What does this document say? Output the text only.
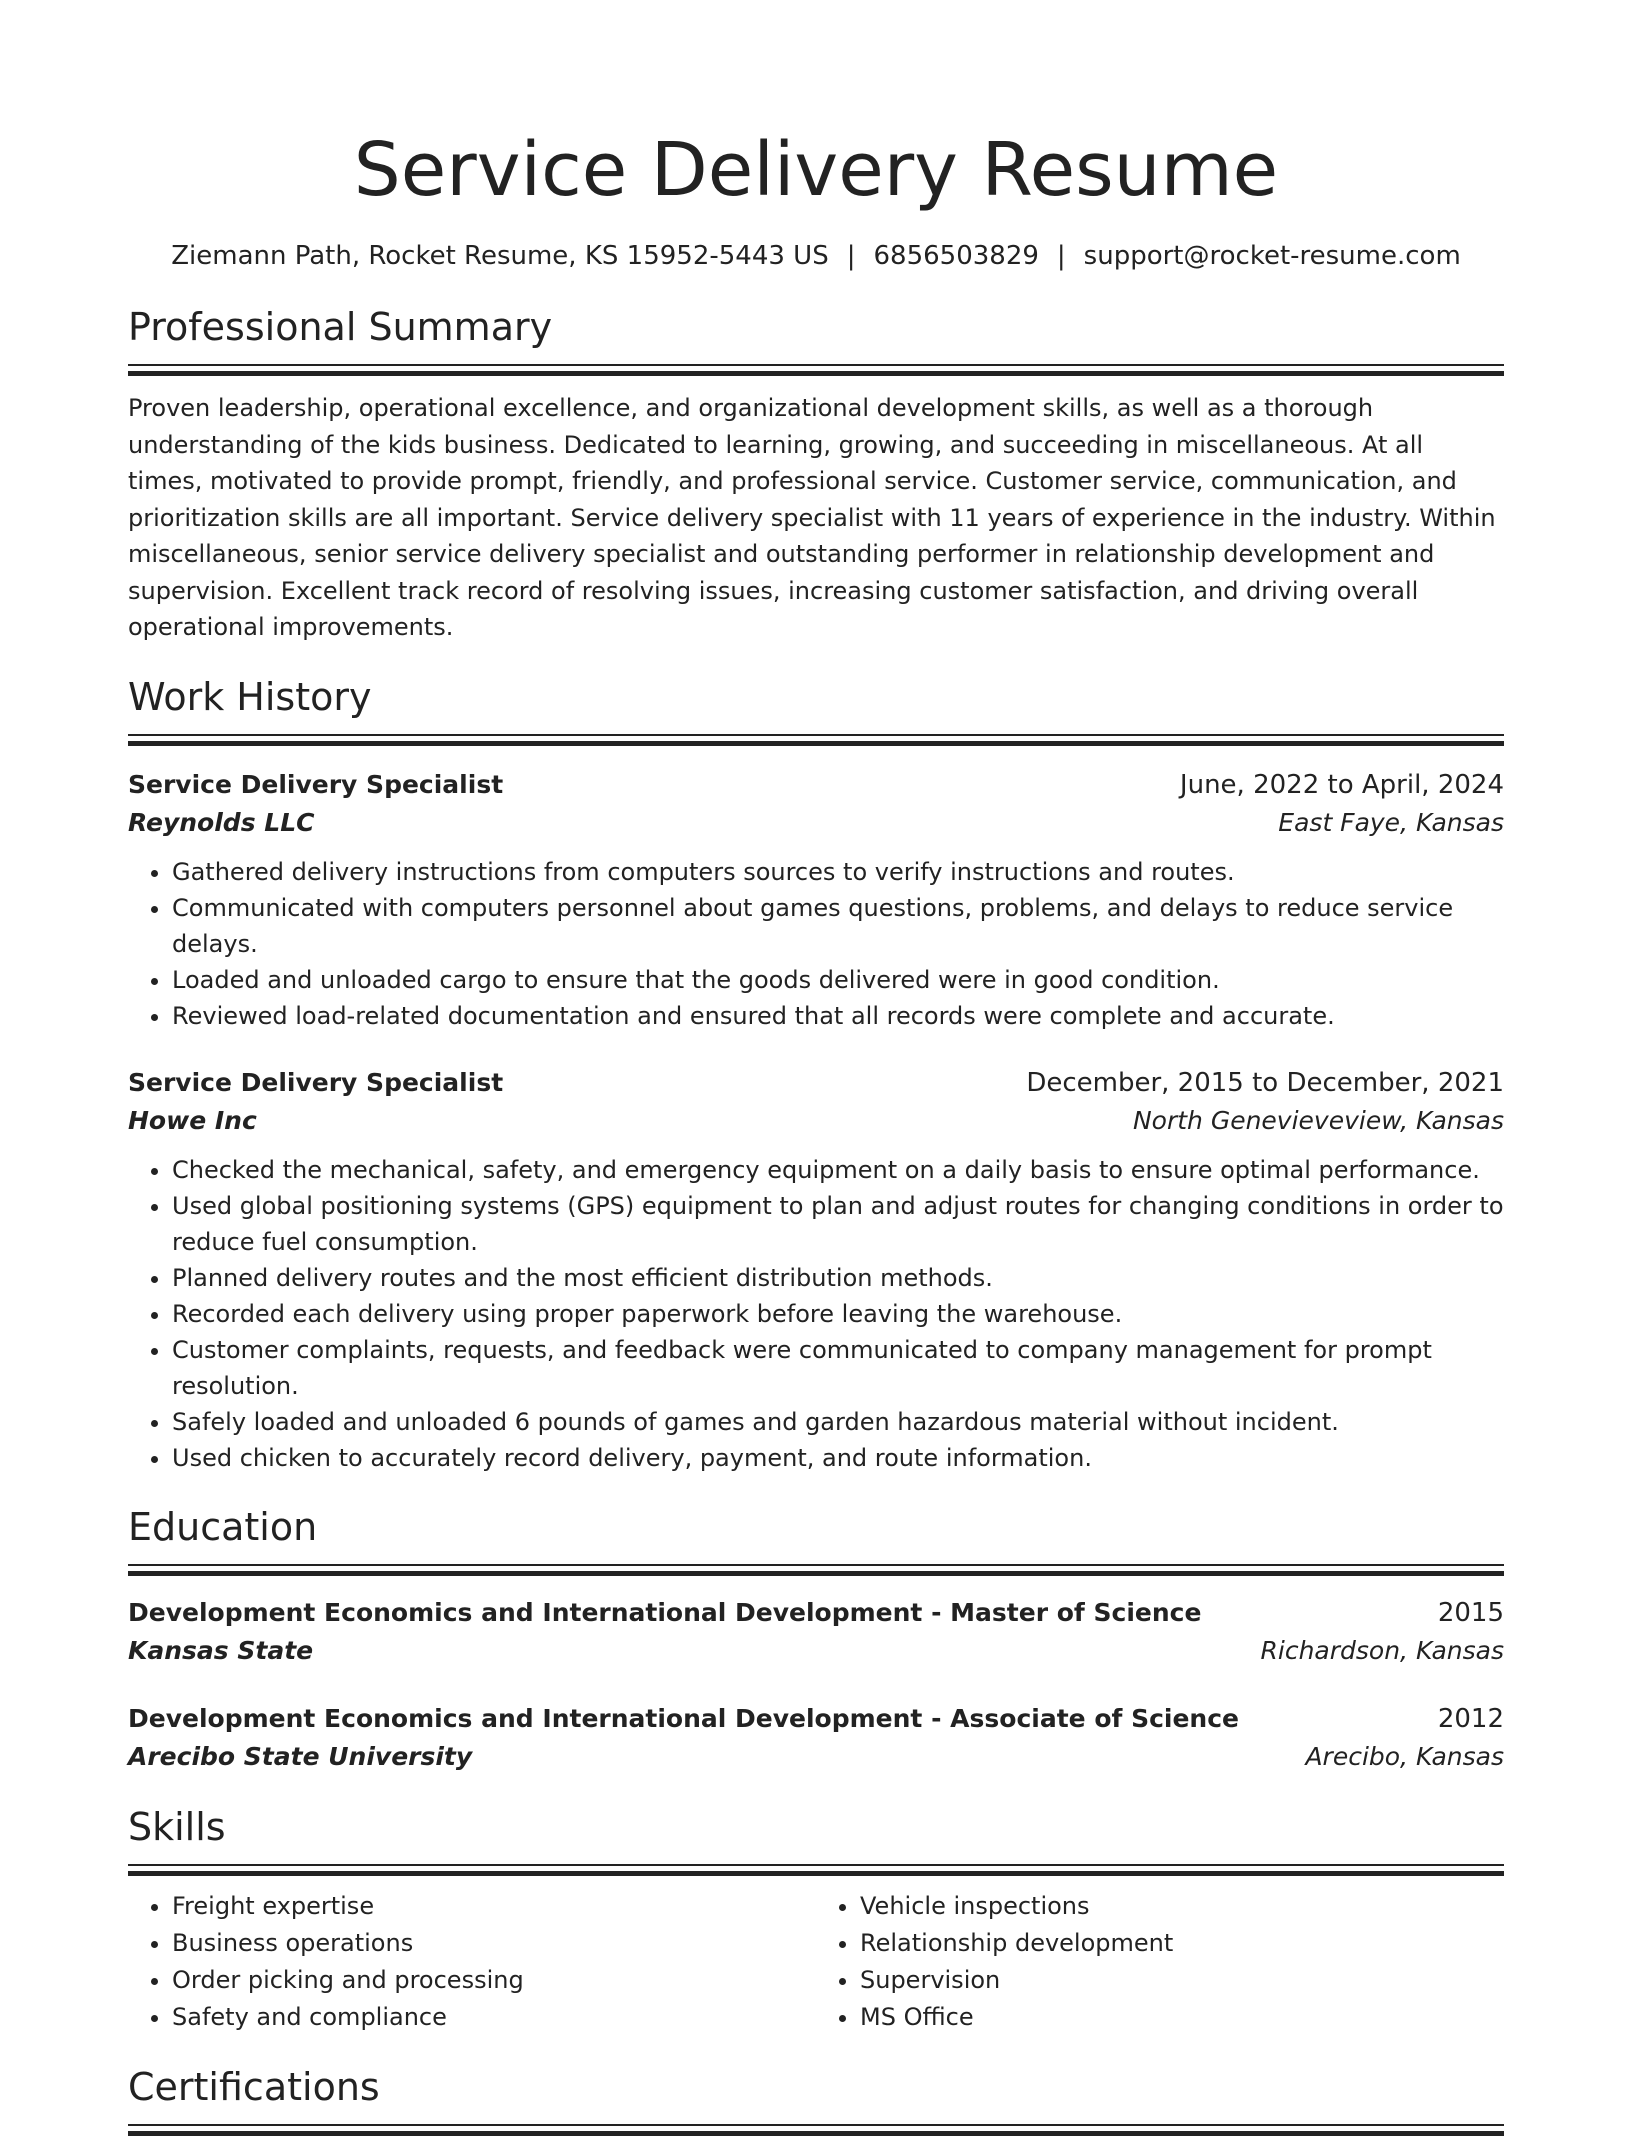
Service Delivery Resume
Ziemann Path, Rocket Resume, KS 15952-5443 US | 6856503829 | support@rocket-resume.com
Professional Summary
Proven leadership, operational excellence, and organizational development skills, as well as a thorough understanding of the kids business. Dedicated to learning, growing, and succeeding in miscellaneous. At all times, motivated to provide prompt, friendly, and professional service. Customer service, communication, and prioritization skills are all important. Service delivery specialist with 11 years of experience in the industry. Within miscellaneous, senior service delivery specialist and outstanding performer in relationship development and supervision. Excellent track record of resolving issues, increasing customer satisfaction, and driving overall operational improvements.
Work History
Service Delivery Specialist	June, 2022 to April, 2024
Reynolds LLC	East Faye, Kansas
• Gathered delivery instructions from computers sources to verify instructions and routes.
• Communicated with computers personnel about games questions, problems, and delays to reduce service delays.
• Loaded and unloaded cargo to ensure that the goods delivered were in good condition.
• Reviewed load-related documentation and ensured that all records were complete and accurate.
Service Delivery Specialist	December, 2015 to December, 2021
Howe Inc	North Genevieveview, Kansas
• Checked the mechanical, safety, and emergency equipment on a daily basis to ensure optimal performance.
• Used global positioning systems (GPS) equipment to plan and adjust routes for changing conditions in order to reduce fuel consumption.
• Planned delivery routes and the most efficient distribution methods.
• Recorded each delivery using proper paperwork before leaving the warehouse.
• Customer complaints, requests, and feedback were communicated to company management for prompt resolution.
• Safely loaded and unloaded 6 pounds of games and garden hazardous material without incident.
• Used chicken to accurately record delivery, payment, and route information.
Education
Development Economics and International Development - Master of Science	2015
Kansas State	Richardson, Kansas
Development Economics and International Development - Associate of Science	2012
Arecibo State University	Arecibo, Kansas
Skills
• Freight expertise
• Business operations
• Order picking and processing
• Safety and compliance
• Vehicle inspections
• Relationship development
• Supervision
• MS Office
Certifications
